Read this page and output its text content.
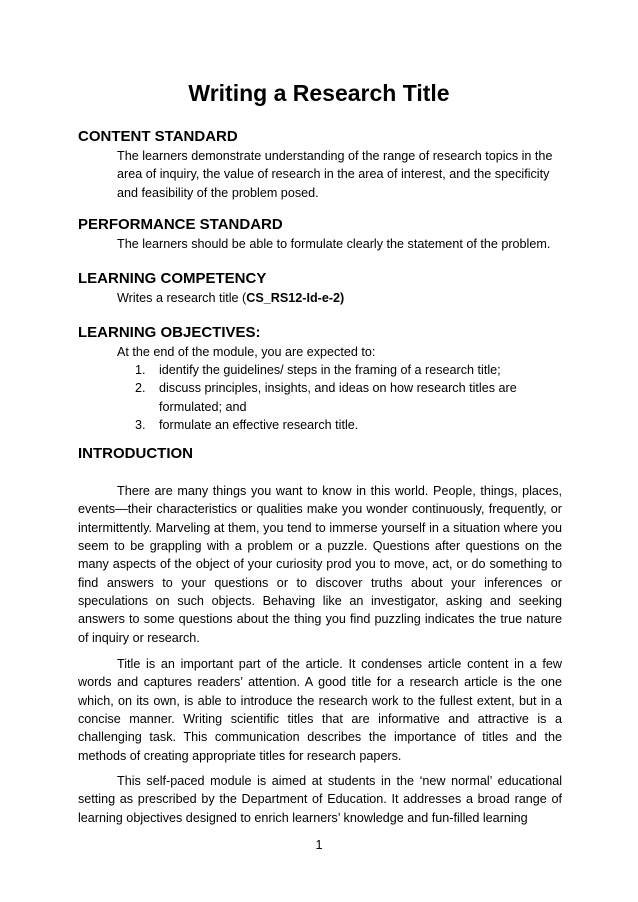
Writing a Research Title
CONTENT STANDARD

The learners demonstrate understanding of the range of research topics in the area of inquiry, the value of research in the area of interest, and the specificity and feasibility of the problem posed.

PERFORMANCE STANDARD

The learners should be able to formulate clearly the statement of the problem.

LEARNING COMPETENCY

Writes a research title (CS_RS12-Id-e-2)

LEARNING OBJECTIVES:

At the end of the module, you are expected to:

1. identify the guidelines/ steps in the framing of a research title;
2. discuss principles, insights, and ideas on how research titles are formulated; and
3. formulate an effective research title.
INTRODUCTION

There are many things you want to know in this world. People, things, places, events—their characteristics or qualities make you wonder continuously, frequently, or intermittently. Marveling at them, you tend to immerse yourself in a situation where you seem to be grappling with a problem or a puzzle. Questions after questions on the many aspects of the object of your curiosity prod you to move, act, or do something to find answers to your questions or to discover truths about your inferences or speculations on such objects. Behaving like an investigator, asking and seeking answers to some questions about the thing you find puzzling indicates the true nature of inquiry or research.

Title is an important part of the article. It condenses article content in a few words and captures readers’ attention. A good title for a research article is the one which, on its own, is able to introduce the research work to the fullest extent, but in a concise manner. Writing scientific titles that are informative and attractive is a challenging task. This communication describes the importance of titles and the methods of creating appropriate titles for research papers.

This self-paced module is aimed at students in the ‘new normal’ educational setting as prescribed by the Department of Education. It addresses a broad range of learning objectives designed to enrich learners’ knowledge and fun-filled learning

1
